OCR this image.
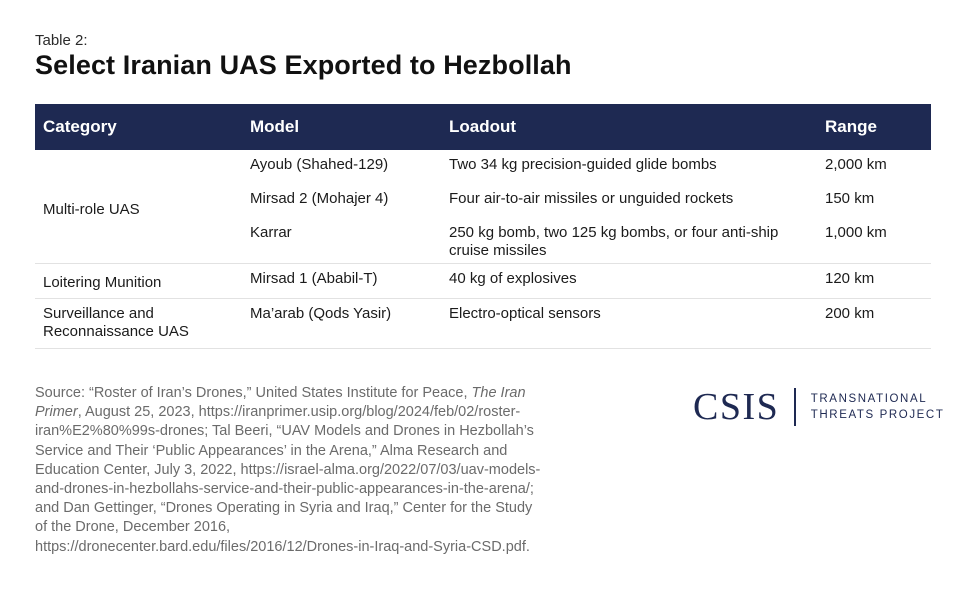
Table 2:
Select Iranian UAS Exported to Hezbollah
Category	Model	Loadout	Range
Multi-role UAS	Ayoub (Shahed-129)	Two 34 kg precision-guided glide bombs	2,000 km
	Mirsad 2 (Mohajer 4)	Four air-to-air missiles or unguided rockets	150 km
	Karrar	250 kg bomb, two 125 kg bombs, or four anti-ship cruise missiles	1,000 km
Loitering Munition	Mirsad 1 (Ababil-T)	40 kg of explosives	120 km
Surveillance and Reconnaissance UAS	Ma’arab (Qods Yasir)	Electro-optical sensors	200 km
Source: “Roster of Iran’s Drones,” United States Institute for Peace, The Iran Primer, August 25, 2023, https://iranprimer.usip.org/blog/2024/feb/02/roster-iran%E2%80%99s-drones; Tal Beeri, “UAV Models and Drones in Hezbollah’s Service and Their ‘Public Appearances’ in the Arena,” Alma Research and Education Center, July 3, 2022, https://israel-alma.org/2022/07/03/uav-models-and-drones-in-hezbollahs-service-and-their-public-appearances-in-the-arena/; and Dan Gettinger, “Drones Operating in Syria and Iraq,” Center for the Study of the Drone, December 2016, https://dronecenter.bard.edu/files/2016/12/Drones-in-Iraq-and-Syria-CSD.pdf.
CSIS	TRANSNATIONAL
THREATS PROJECT
